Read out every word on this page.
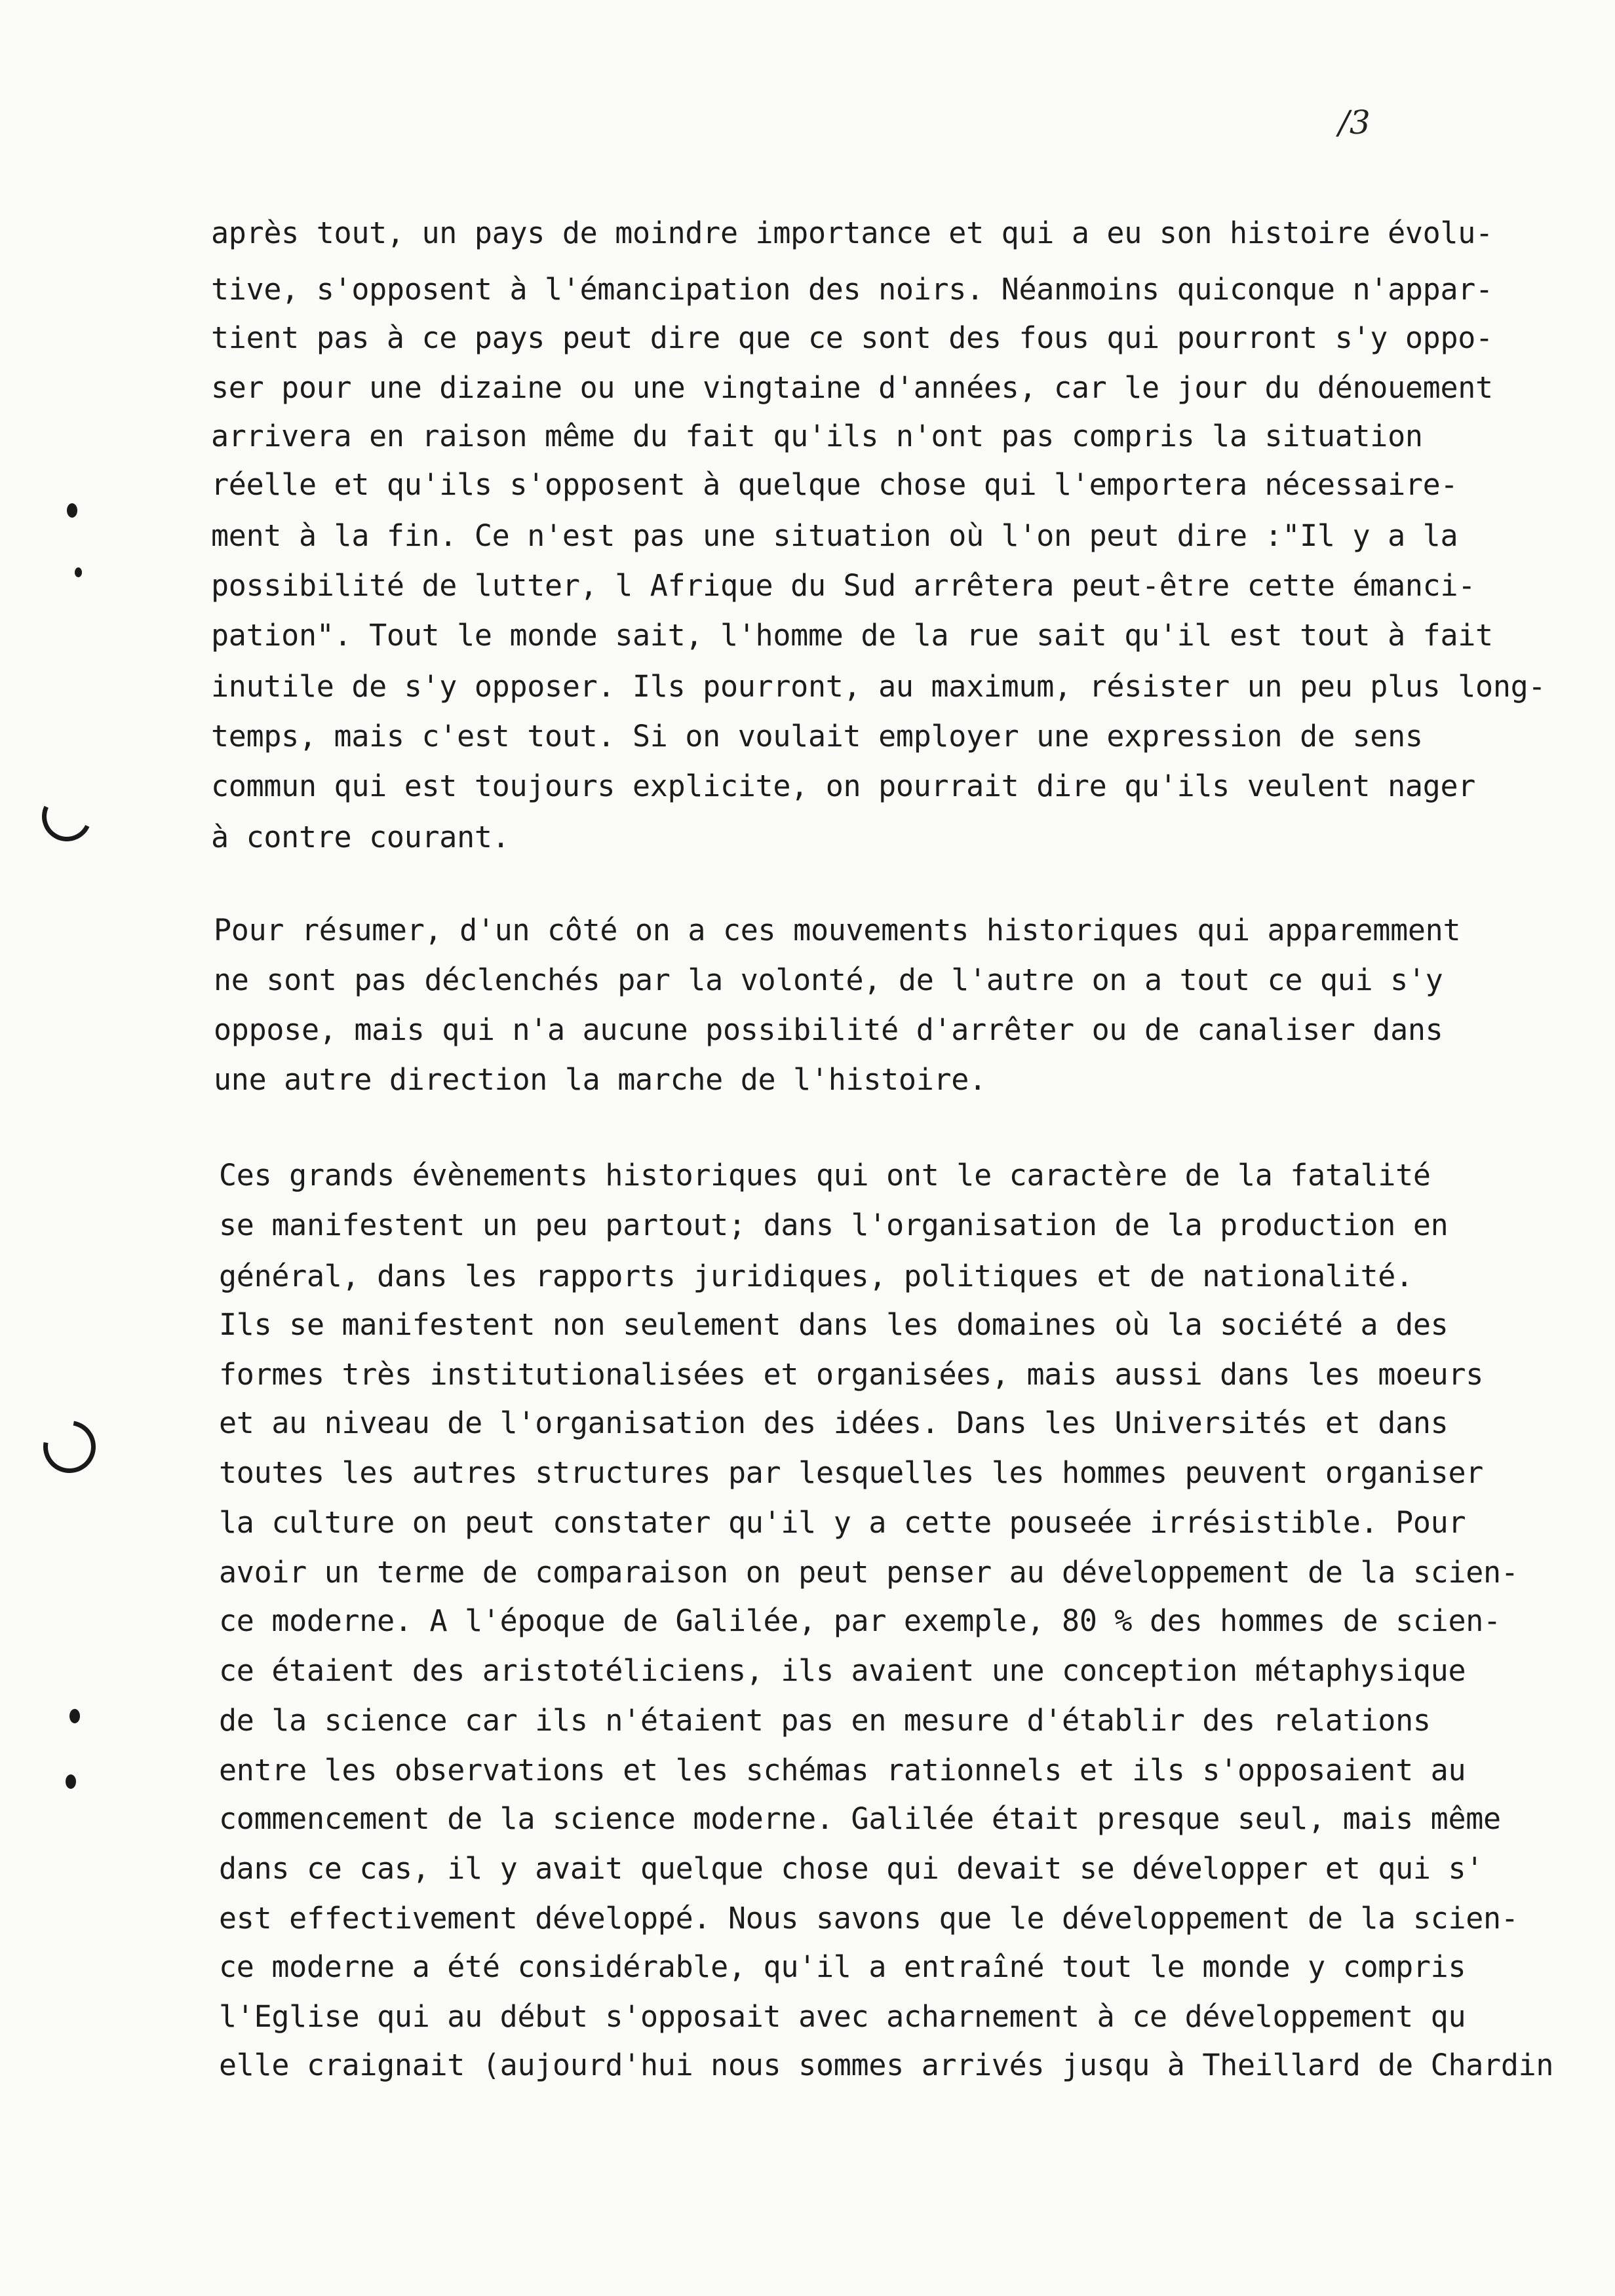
/3
après tout, un pays de moindre importance et qui a eu son histoire évolu-
tive, s'opposent à l'émancipation des noirs. Néanmoins quiconque n'appar-
tient pas à ce pays peut dire que ce sont des fous qui pourront s'y oppo-
ser pour une dizaine ou une vingtaine d'années, car le jour du dénouement
arrivera en raison même du fait qu'ils n'ont pas compris la situation
réelle et qu'ils s'opposent à quelque chose qui l'emportera nécessaire-
ment à la fin. Ce n'est pas une situation où l'on peut dire :"Il y a la
possibilité de lutter, l Afrique du Sud arrêtera peut-être cette émanci-
pation". Tout le monde sait, l'homme de la rue sait qu'il est tout à fait
inutile de s'y opposer. Ils pourront, au maximum, résister un peu plus long-
temps, mais c'est tout. Si on voulait employer une expression de sens
commun qui est toujours explicite, on pourrait dire qu'ils veulent nager
à contre courant.
Pour résumer, d'un côté on a ces mouvements historiques qui apparemment
ne sont pas déclenchés par la volonté, de l'autre on a tout ce qui s'y
oppose, mais qui n'a aucune possibilité d'arrêter ou de canaliser dans
une autre direction la marche de l'histoire.
Ces grands évènements historiques qui ont le caractère de la fatalité
se manifestent un peu partout; dans l'organisation de la production en
général, dans les rapports juridiques, politiques et de nationalité.
Ils se manifestent non seulement dans les domaines où la société a des
formes très institutionalisées et organisées, mais aussi dans les moeurs
et au niveau de l'organisation des idées. Dans les Universités et dans
toutes les autres structures par lesquelles les hommes peuvent organiser
la culture on peut constater qu'il y a cette pouseée irrésistible. Pour
avoir un terme de comparaison on peut penser au développement de la scien-
ce moderne. A l'époque de Galilée, par exemple, 80 % des hommes de scien-
ce étaient des aristotéliciens, ils avaient une conception métaphysique
de la science car ils n'étaient pas en mesure d'établir des relations
entre les observations et les schémas rationnels et ils s'opposaient au
commencement de la science moderne. Galilée était presque seul, mais même
dans ce cas, il y avait quelque chose qui devait se développer et qui s'
est effectivement développé. Nous savons que le développement de la scien-
ce moderne a été considérable, qu'il a entraîné tout le monde y compris
l'Eglise qui au début s'opposait avec acharnement à ce développement qu
elle craignait (aujourd'hui nous sommes arrivés jusqu à Theillard de Chardin
